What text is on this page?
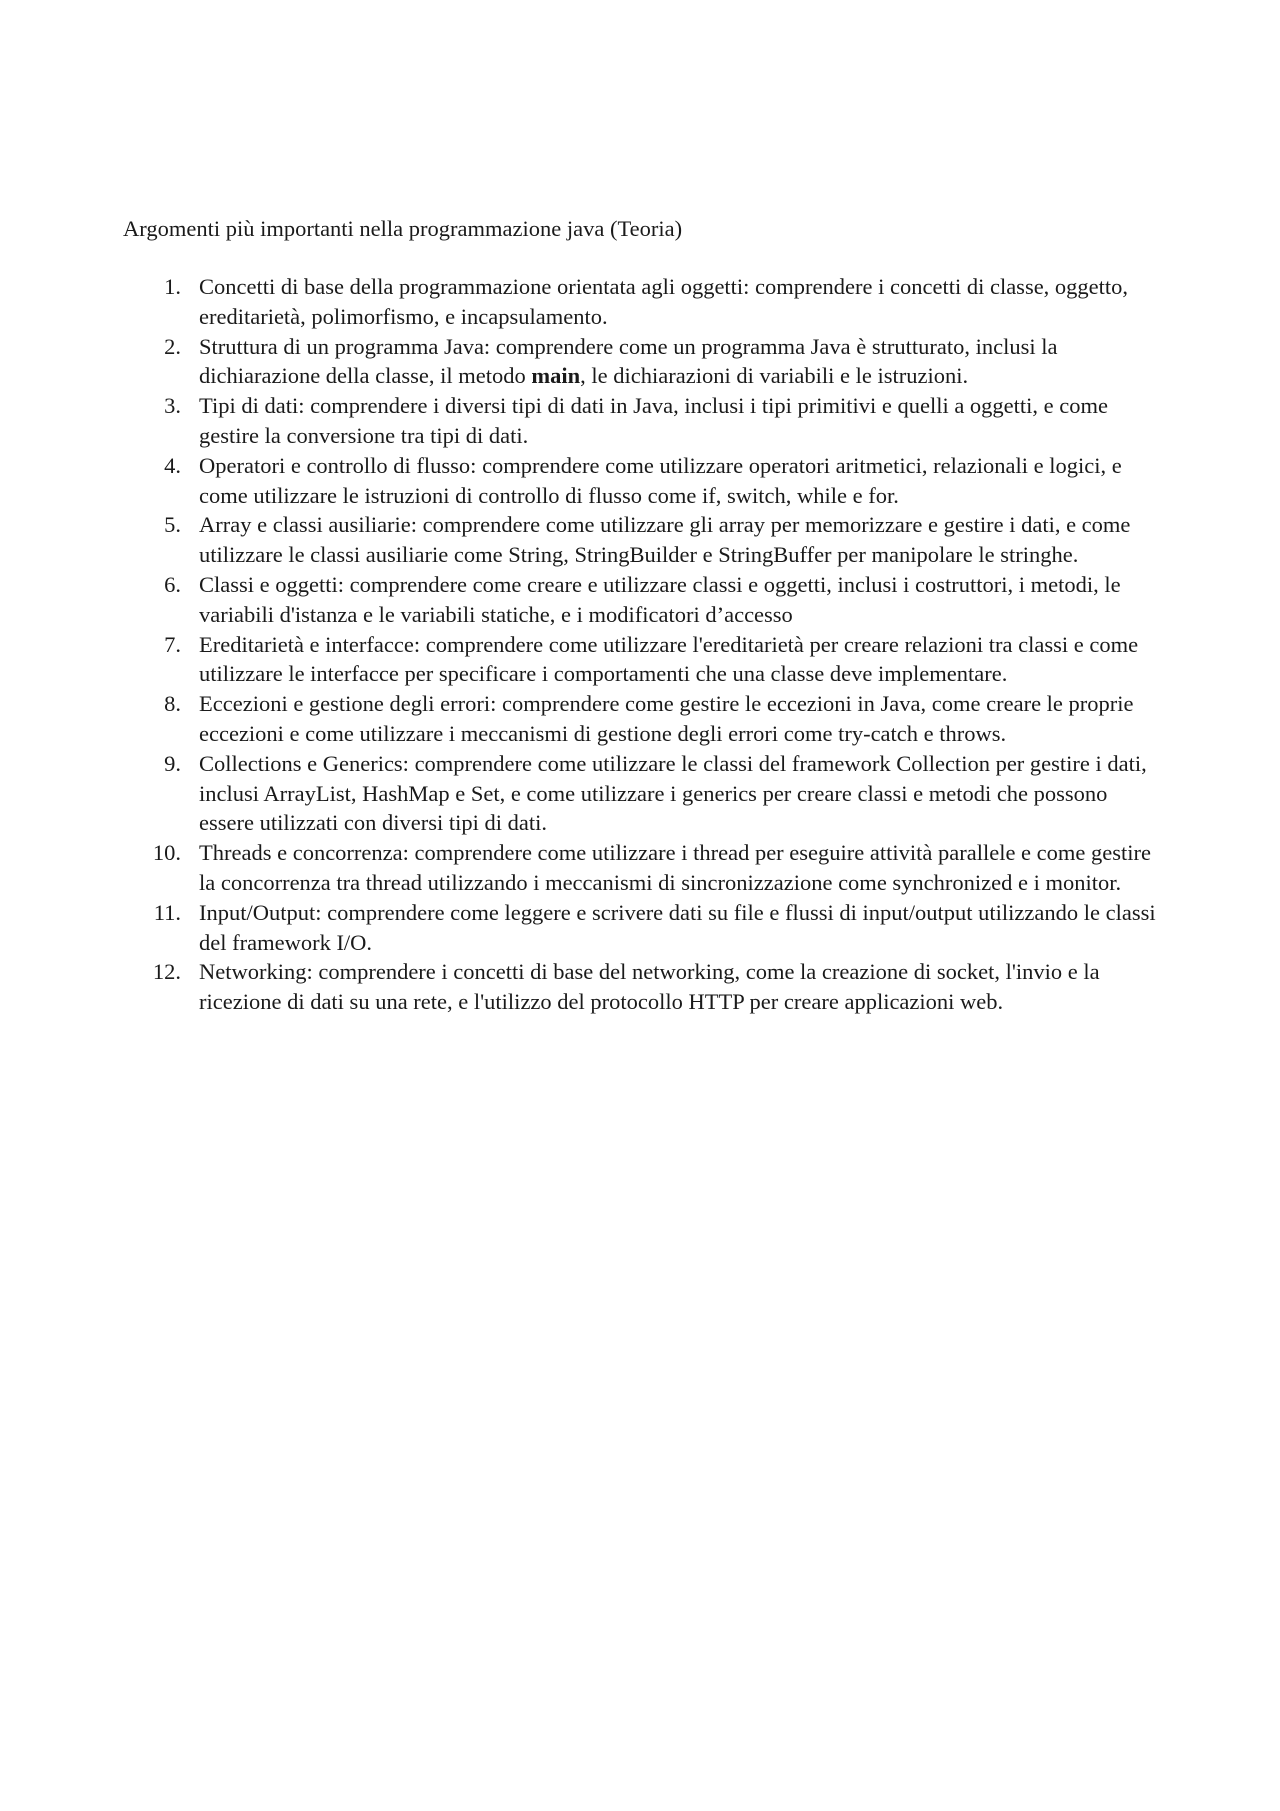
Argomenti più importanti nella programmazione java (Teoria)
1. Concetti di base della programmazione orientata agli oggetti: comprendere i concetti di classe, oggetto, ereditarietà, polimorfismo, e incapsulamento.
2. Struttura di un programma Java: comprendere come un programma Java è strutturato, inclusi la dichiarazione della classe, il metodo main, le dichiarazioni di variabili e le istruzioni.
3. Tipi di dati: comprendere i diversi tipi di dati in Java, inclusi i tipi primitivi e quelli a oggetti, e come gestire la conversione tra tipi di dati.
4. Operatori e controllo di flusso: comprendere come utilizzare operatori aritmetici, relazionali e logici, e come utilizzare le istruzioni di controllo di flusso come if, switch, while e for.
5. Array e classi ausiliarie: comprendere come utilizzare gli array per memorizzare e gestire i dati, e come utilizzare le classi ausiliarie come String, StringBuilder e StringBuffer per manipolare le stringhe.
6. Classi e oggetti: comprendere come creare e utilizzare classi e oggetti, inclusi i costruttori, i metodi, le variabili d'istanza e le variabili statiche, e i modificatori d’accesso
7. Ereditarietà e interfacce: comprendere come utilizzare l'ereditarietà per creare relazioni tra classi e come utilizzare le interfacce per specificare i comportamenti che una classe deve implementare.
8. Eccezioni e gestione degli errori: comprendere come gestire le eccezioni in Java, come creare le proprie eccezioni e come utilizzare i meccanismi di gestione degli errori come try-catch e throws.
9. Collections e Generics: comprendere come utilizzare le classi del framework Collection per gestire i dati, inclusi ArrayList, HashMap e Set, e come utilizzare i generics per creare classi e metodi che possono essere utilizzati con diversi tipi di dati.
10. Threads e concorrenza: comprendere come utilizzare i thread per eseguire attività parallele e come gestire la concorrenza tra thread utilizzando i meccanismi di sincronizzazione come synchronized e i monitor.
11. Input/Output: comprendere come leggere e scrivere dati su file e flussi di input/output utilizzando le classi del framework I/O.
12. Networking: comprendere i concetti di base del networking, come la creazione di socket, l'invio e la ricezione di dati su una rete, e l'utilizzo del protocollo HTTP per creare applicazioni web.
